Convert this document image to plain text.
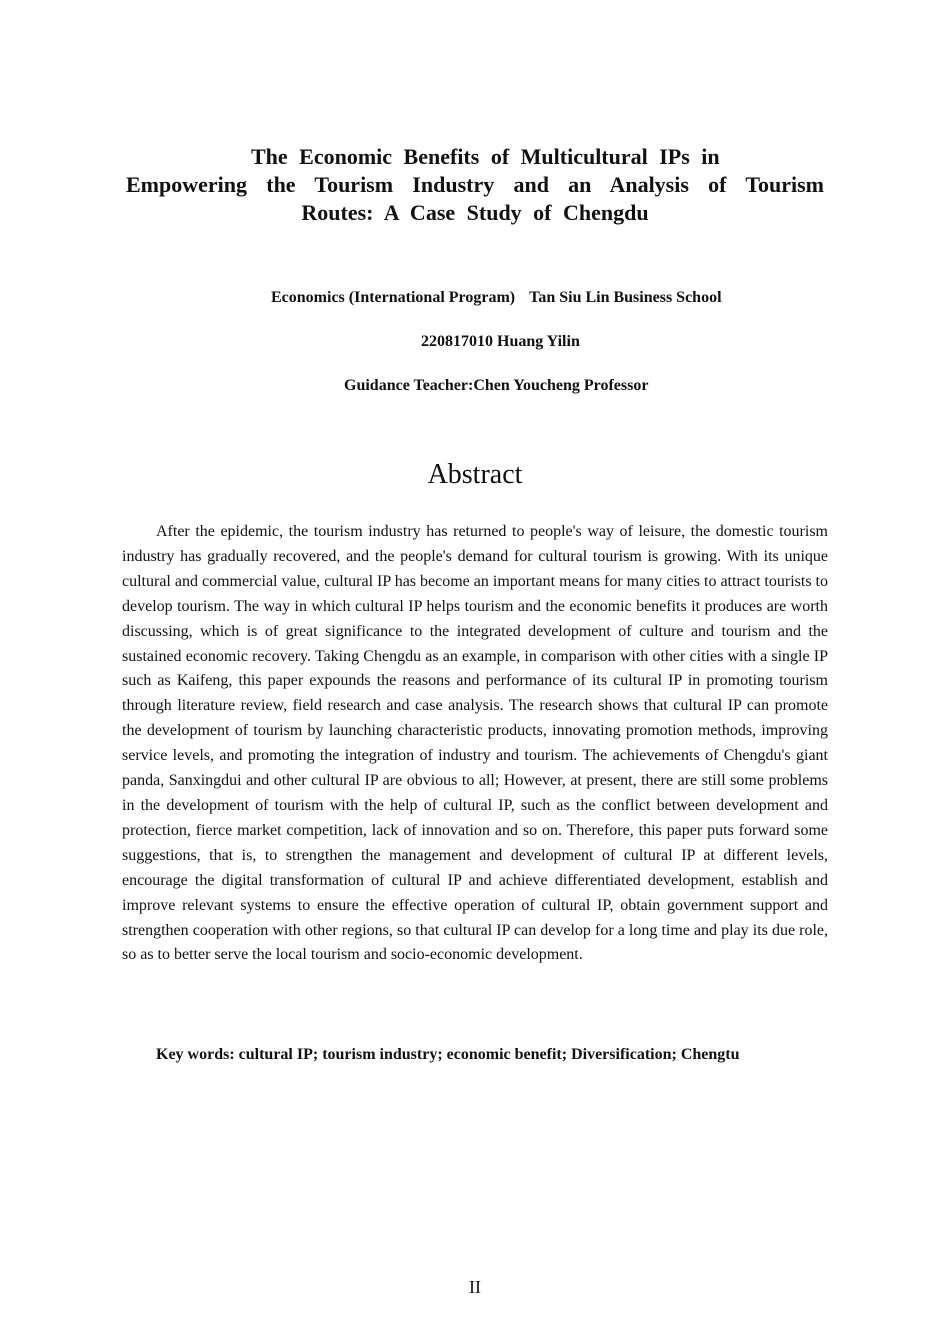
The Economic Benefits of Multicultural IPs in
Empowering the Tourism Industry and an Analysis of Tourism
Routes: A Case Study of Chengdu

Economics (International Program) Tan Siu Lin Business School

220817010 Huang Yilin

Guidance Teacher:Chen Youcheng Professor

Abstract

After the epidemic, the tourism industry has returned to people's way of leisure, the domestic tourism industry has gradually recovered, and the people's demand for cultural tourism is growing. With its unique cultural and commercial value, cultural IP has become an important means for many cities to attract tourists to develop tourism. The way in which cultural IP helps tourism and the economic benefits it produces are worth discussing, which is of great significance to the integrated development of culture and tourism and the sustained economic recovery. Taking Chengdu as an example, in comparison with other cities with a single IP such as Kaifeng, this paper expounds the reasons and performance of its cultural IP in promoting tourism through literature review, field research and case analysis. The research shows that cultural IP can promote the development of tourism by launching characteristic products, innovating promotion methods, improving service levels, and promoting the integration of industry and tourism. The achievements of Chengdu's giant panda, Sanxingdui and other cultural IP are obvious to all; However, at present, there are still some problems in the development of tourism with the help of cultural IP, such as the conflict between development and protection, fierce market competition, lack of innovation and so on. Therefore, this paper puts forward some suggestions, that is, to strengthen the management and development of cultural IP at different levels, encourage the digital transformation of cultural IP and achieve differentiated development, establish and improve relevant systems to ensure the effective operation of cultural IP, obtain government support and strengthen cooperation with other regions, so that cultural IP can develop for a long time and play its due role, so as to better serve the local tourism and socio-economic development.

Key words: cultural IP; tourism industry; economic benefit; Diversification; Chengtu

II
